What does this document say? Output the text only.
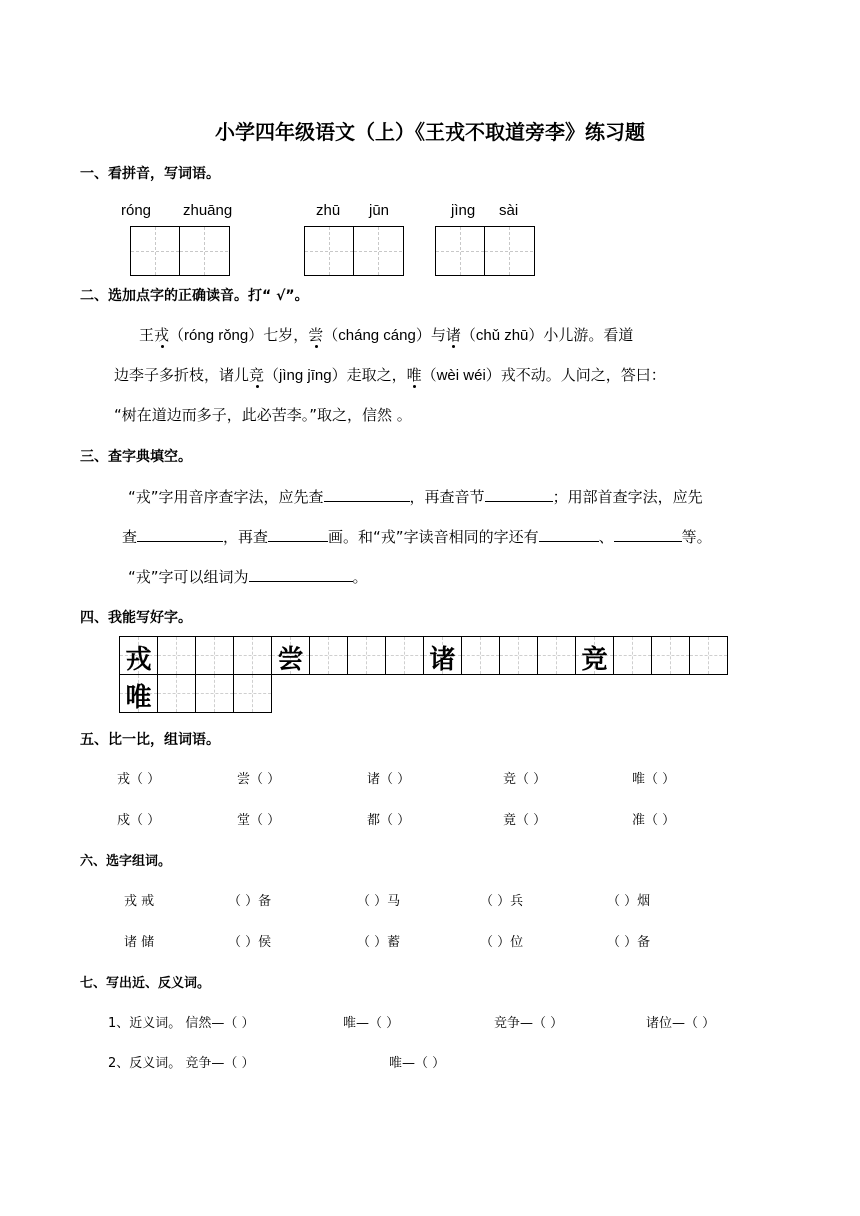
小学四年级语文（上）《王戎不取道旁李》练习题
一、看拼音，写词语。
róng zhuāng	zhū jūn	jìng sài
二、选加点字的正确读音。打“ √”。
王戎（róng rǒng）七岁，尝（cháng cáng）与诸（chǔ zhū）小儿游。看道
边李子多折枝，诸儿竞（jìng jīng）走取之，唯（wèi wéi）戎不动。人问之，答曰：
“树在道边而多子，此必苦李。”取之，信然 。
三、查字典填空。
“戎”字用音序查字法，应先查	，再查音节	；用部首查字法，应先
查	，再查	画。和“戎”字读音相同的字还有	、	等。
“戎”字可以组词为	。
四、我能写好字。
戎	尝	诸	竞
唯
五、比一比，组词语。
戎（ ）	尝（ ）	诸（ ）	竞（ ）	唯（ ）
戍（ ）	堂（ ）	都（ ）	竟（ ）	准（ ）
六、选字组词。
戎 戒	（ ）备	（ ）马	（ ）兵	（ ）烟
诸 储	（ ）侯	（ ）蓄	（ ）位	（ ）备
七、写出近、反义词。
1、近义词。 信然—（ ）	唯—（ ）	竞争—（ ）	诸位—（ ）
2、反义词。 竞争—（ ）	唯—（ ）
